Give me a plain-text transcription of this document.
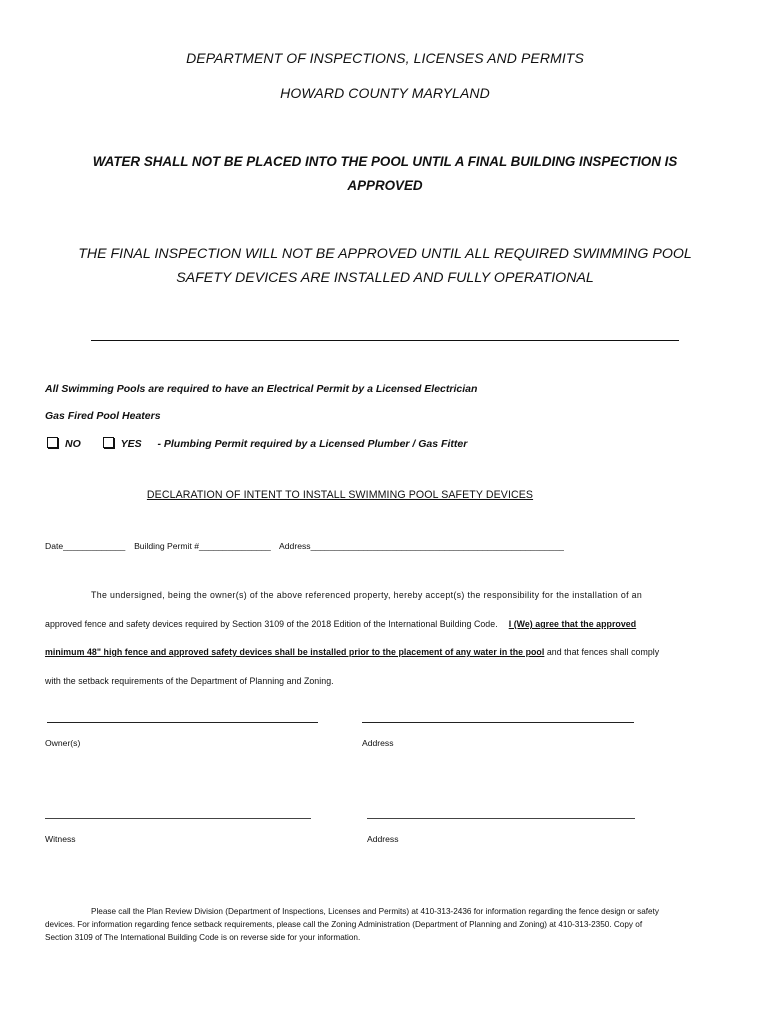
DEPARTMENT OF INSPECTIONS, LICENSES AND PERMITS
HOWARD COUNTY MARYLAND
WATER SHALL NOT BE PLACED INTO THE POOL UNTIL A FINAL BUILDING INSPECTION IS
APPROVED
THE FINAL INSPECTION WILL NOT BE APPROVED UNTIL ALL REQUIRED SWIMMING POOL
SAFETY DEVICES ARE INSTALLED AND FULLY OPERATIONAL
All Swimming Pools are required to have an Electrical Permit by a Licensed Electrician
Gas Fired Pool Heaters
NO	YES - Plumbing Permit required by a Licensed Plumber / Gas Fitter
DECLARATION OF INTENT TO INSTALL SWIMMING POOL SAFETY DEVICES
Date_____________ Building Permit #_______________ Address_____________________________________________________
The undersigned, being the owner(s) of the above referenced property, hereby accept(s) the responsibility for the installation of an
approved fence and safety devices required by Section 3109 of the 2018 Edition of the International Building Code. I (We) agree that the approved
minimum 48" high fence and approved safety devices shall be installed prior to the placement of any water in the pool and that fences shall comply
with the setback requirements of the Department of Planning and Zoning.
Owner(s)	Address
Witness	Address
Please call the Plan Review Division (Department of Inspections, Licenses and Permits) at 410-313-2436 for information regarding the fence design or safety
devices. For information regarding fence setback requirements, please call the Zoning Administration (Department of Planning and Zoning) at 410-313-2350. Copy of
Section 3109 of The International Building Code is on reverse side for your information.
